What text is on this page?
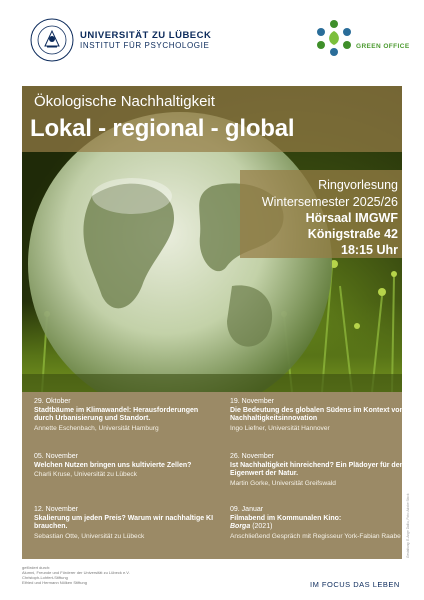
UNIVERSITÄT ZU LÜBECK
INSTITUT FÜR PSYCHOLOGIE	GREEN OFFICE
Ökologische Nachhaltigkeit
Lokal - regional - global
Ringvorlesung
Wintersemester 2025/26
Hörsaal IMGWF
Königstraße 42
18:15 Uhr
29. Oktober
Stadtbäume im Klimawandel: Herausforderungen durch Urbanisierung und Standort.
Annette Eschenbach, Universität Hamburg
05. November
Welchen Nutzen bringen uns kultivierte Zellen?
Charli Kruse, Universität zu Lübeck
12. November
Skalierung um jeden Preis? Warum wir nachhaltige KI brauchen.
Sebastian Otte, Universität zu Lübeck
19. November
Die Bedeutung des globalen Südens im Kontext von Nachhaltigkeitsinnovation
Ingo Liefner, Universität Hannover
26. November
Ist Nachhaltigkeit hinreichend? Ein Plädoyer für den Eigenwert der Natur.
Martin Gorke, Universität Greifswald
09. Januar
Filmabend im Kommunalen Kino:
Borga (2021)
Anschließend Gespräch mit Regisseur York-Fabian Raabe	Gestaltung: E-Ange Dalliu, Foto: Adobe Stock
gefördert durch:
Alumni, Freunde und Förderer der Universität zu Lübeck e.V.
Christoph-Lohfert-Stiftung
Elfried und Hermann Nölken Stiftung	IM FOCUS DAS LEBEN
